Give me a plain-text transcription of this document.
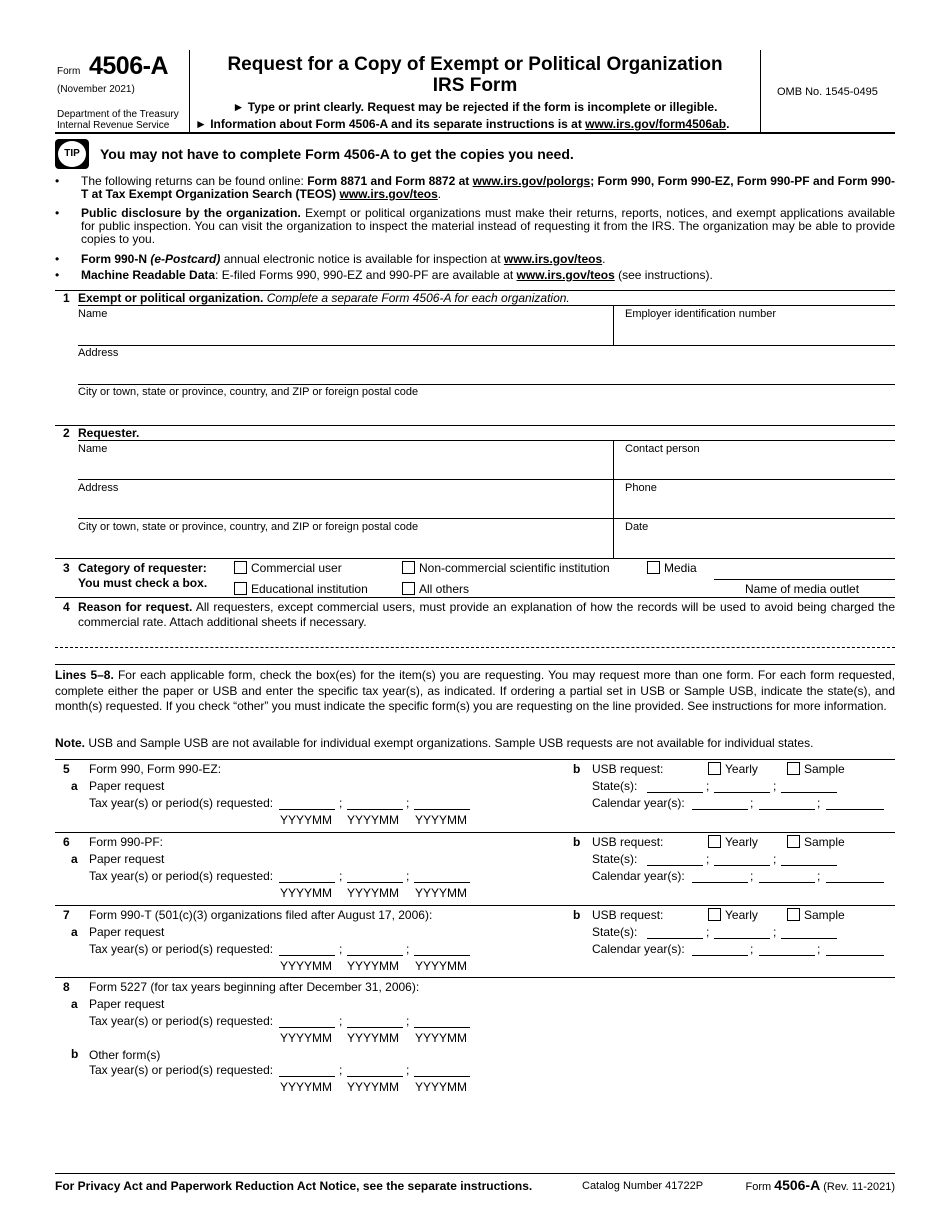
Form 4506-A
(November 2021)
Department of the Treasury
Internal Revenue Service
Request for a Copy of Exempt or Political Organization
IRS Form
► Type or print clearly. Request may be rejected if the form is incomplete or illegible.
► Information about Form 4506-A and its separate instructions is at www.irs.gov/form4506ab.
OMB No. 1545-0495
TIP	You may not have to complete Form 4506-A to get the copies you need.
• The following returns can be found online: Form 8871 and Form 8872 at www.irs.gov/polorgs; Form 990, Form 990-EZ, Form 990-PF and Form 990-T at Tax Exempt Organization Search (TEOS) www.irs.gov/teos.
• Public disclosure by the organization. Exempt or political organizations must make their returns, reports, notices, and exempt applications available for public inspection. You can visit the organization to inspect the material instead of requesting it from the IRS. The organization may be able to provide copies to you.
• Form 990-N (e-Postcard) annual electronic notice is available for inspection at www.irs.gov/teos.
• Machine Readable Data: E-filed Forms 990, 990-EZ and 990-PF are available at www.irs.gov/teos (see instructions).
1 Exempt or political organization. Complete a separate Form 4506-A for each organization.
Name	Employer identification number
Address
City or town, state or province, country, and ZIP or foreign postal code
2 Requester.
Name	Contact person
Address	Phone
City or town, state or province, country, and ZIP or foreign postal code	Date
3 Category of requester:
You must check a box.
Commercial user	Non-commercial scientific institution	Media
Educational institution	All others	Name of media outlet
4 Reason for request. All requesters, except commercial users, must provide an explanation of how the records will be used to avoid being charged the commercial rate. Attach additional sheets if necessary.
Lines 5–8. For each applicable form, check the box(es) for the item(s) you are requesting. You may request more than one form. For each form requested, complete either the paper or USB and enter the specific tax year(s), as indicated. If ordering a partial set in USB or Sample USB, indicate the state(s), and month(s) requested. If you check “other” you must indicate the specific form(s) you are requesting on the line provided. See instructions for more information.
Note. USB and Sample USB are not available for individual exempt organizations. Sample USB requests are not available for individual states.
5 Form 990, Form 990-EZ:
a Paper request
Tax year(s) or period(s) requested:	;	;
YYYYMM YYYYMM YYYYMM
b USB request:	Yearly	Sample
State(s):	;	;
Calendar year(s):	;	;
6 Form 990-PF:
a Paper request
Tax year(s) or period(s) requested:	;	;
YYYYMM YYYYMM YYYYMM
b USB request:	Yearly	Sample
State(s):	;	;
Calendar year(s):	;	;
7 Form 990-T (501(c)(3) organizations filed after August 17, 2006):
a Paper request
Tax year(s) or period(s) requested:	;	;
YYYYMM YYYYMM YYYYMM
b USB request:	Yearly	Sample
State(s):	;	;
Calendar year(s):	;	;
8 Form 5227 (for tax years beginning after December 31, 2006):
a Paper request
Tax year(s) or period(s) requested:	;	;
YYYYMM YYYYMM YYYYMM
b Other form(s)
Tax year(s) or period(s) requested:	;	;
YYYYMM YYYYMM YYYYMM
For Privacy Act and Paperwork Reduction Act Notice, see the separate instructions.	Catalog Number 41722P	Form 4506-A (Rev. 11-2021)
